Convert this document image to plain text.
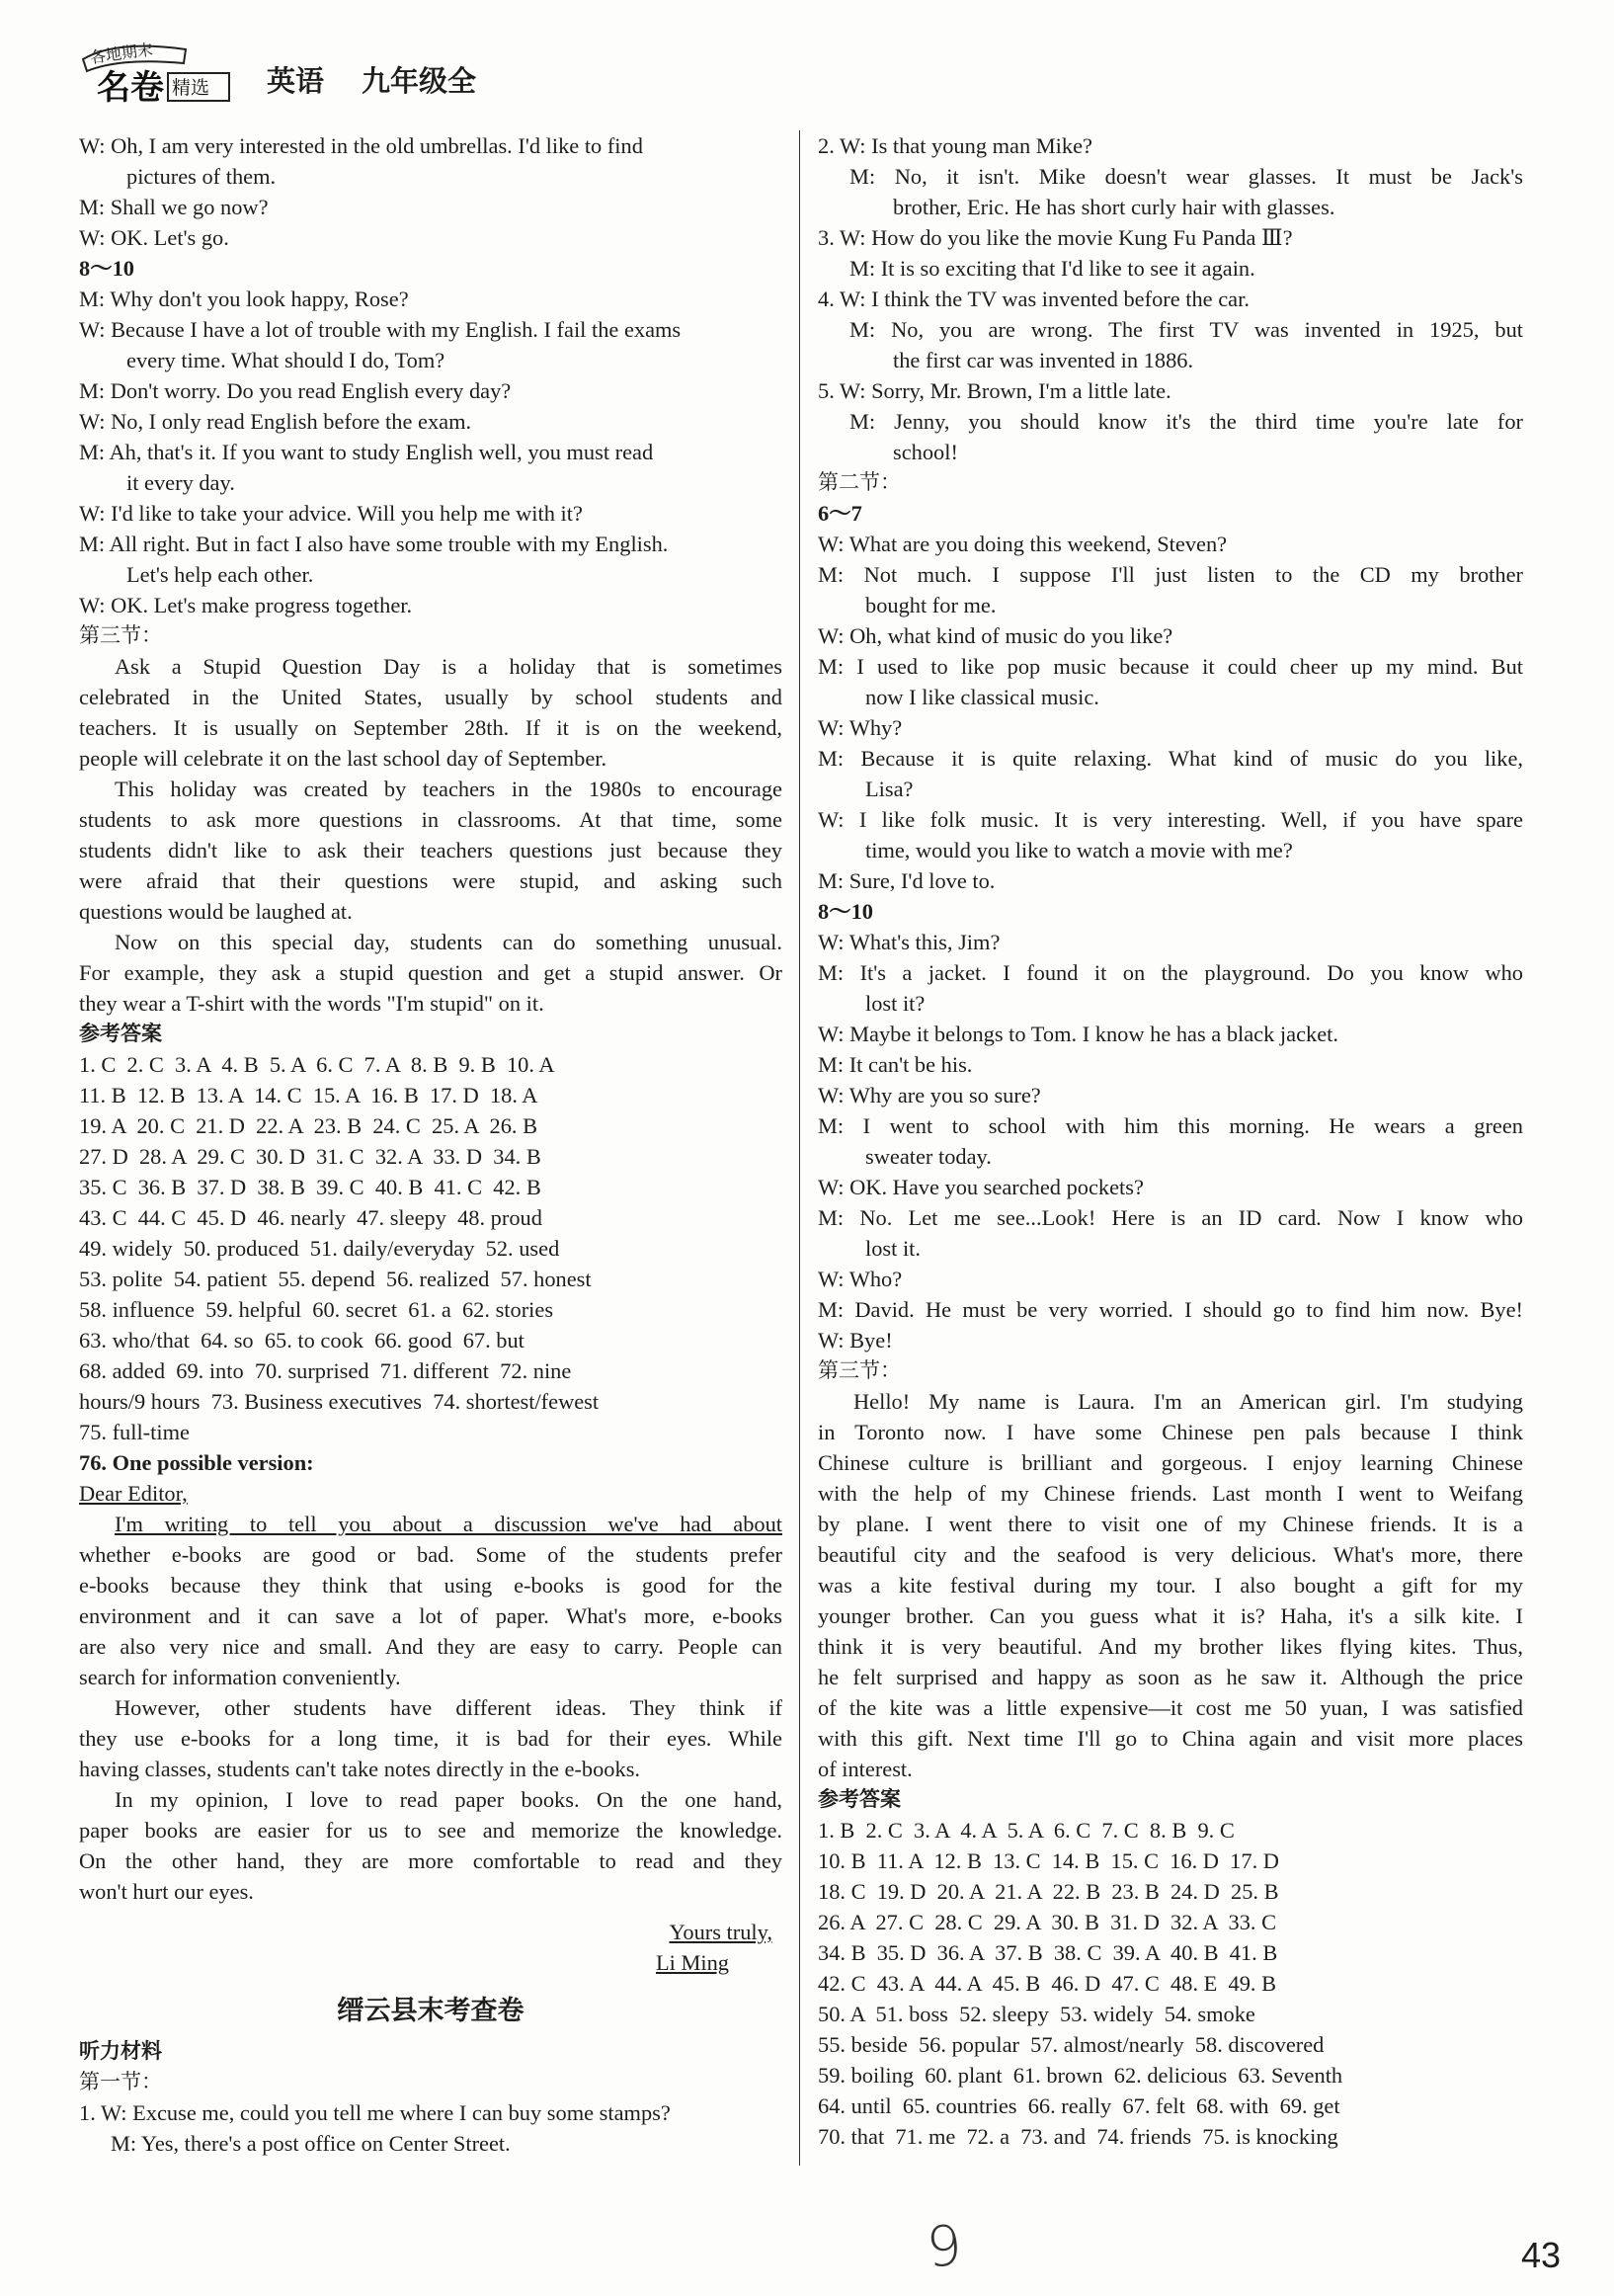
各地期末
名卷 精选 英语 九年级全
W: Oh, I am very interested in the old umbrellas. I'd like to find
pictures of them.
M: Shall we go now?
W: OK. Let's go.
8～10
M: Why don't you look happy, Rose?
W: Because I have a lot of trouble with my English. I fail the exams
every time. What should I do, Tom?
M: Don't worry. Do you read English every day?
W: No, I only read English before the exam.
M: Ah, that's it. If you want to study English well, you must read
it every day.
W: I'd like to take your advice. Will you help me with it?
M: All right. But in fact I also have some trouble with my English.
Let's help each other.
W: OK. Let's make progress together.
第三节：
Ask a Stupid Question Day is a holiday that is sometimes
celebrated in the United States, usually by school students and
teachers. It is usually on September 28th. If it is on the weekend,
people will celebrate it on the last school day of September.
This holiday was created by teachers in the 1980s to encourage
students to ask more questions in classrooms. At that time, some
students didn't like to ask their teachers questions just because they
were afraid that their questions were stupid, and asking such
questions would be laughed at.
Now on this special day, students can do something unusual.
For example, they ask a stupid question and get a stupid answer. Or
they wear a T-shirt with the words "I'm stupid" on it.
参考答案
1. C  2. C  3. A  4. B  5. A  6. C  7. A  8. B  9. B  10. A
11. B  12. B  13. A  14. C  15. A  16. B  17. D  18. A
19. A  20. C  21. D  22. A  23. B  24. C  25. A  26. B
27. D  28. A  29. C  30. D  31. C  32. A  33. D  34. B
35. C  36. B  37. D  38. B  39. C  40. B  41. C  42. B
43. C  44. C  45. D  46. nearly  47. sleepy  48. proud
49. widely  50. produced  51. daily/everyday  52. used
53. polite  54. patient  55. depend  56. realized  57. honest
58. influence  59. helpful  60. secret  61. a  62. stories
63. who/that  64. so  65. to cook  66. good  67. but
68. added  69. into  70. surprised  71. different  72. nine
hours/9 hours  73. Business executives  74. shortest/fewest
75. full-time
76. One possible version:
Dear Editor,
I'm writing to tell you about a discussion we've had about
whether e-books are good or bad. Some of the students prefer
e-books because they think that using e-books is good for the
environment and it can save a lot of paper. What's more, e-books
are also very nice and small. And they are easy to carry. People can
search for information conveniently.
However, other students have different ideas. They think if
they use e-books for a long time, it is bad for their eyes. While
having classes, students can't take notes directly in the e-books.
In my opinion, I love to read paper books. On the one hand,
paper books are easier for us to see and memorize the knowledge.
On the other hand, they are more comfortable to read and they
won't hurt our eyes.
Yours truly,
Li Ming
缙云县末考查卷
听力材料
第一节：
1. W: Excuse me, could you tell me where I can buy some stamps?
M: Yes, there's a post office on Center Street.
2. W: Is that young man Mike?
M: No, it isn't. Mike doesn't wear glasses. It must be Jack's
brother, Eric. He has short curly hair with glasses.
3. W: How do you like the movie Kung Fu Panda Ⅲ?
M: It is so exciting that I'd like to see it again.
4. W: I think the TV was invented before the car.
M: No, you are wrong. The first TV was invented in 1925, but
the first car was invented in 1886.
5. W: Sorry, Mr. Brown, I'm a little late.
M: Jenny, you should know it's the third time you're late for
school!
第二节：
6～7
W: What are you doing this weekend, Steven?
M: Not much. I suppose I'll just listen to the CD my brother
bought for me.
W: Oh, what kind of music do you like?
M: I used to like pop music because it could cheer up my mind. But
now I like classical music.
W: Why?
M: Because it is quite relaxing. What kind of music do you like,
Lisa?
W: I like folk music. It is very interesting. Well, if you have spare
time, would you like to watch a movie with me?
M: Sure, I'd love to.
8～10
W: What's this, Jim?
M: It's a jacket. I found it on the playground. Do you know who
lost it?
W: Maybe it belongs to Tom. I know he has a black jacket.
M: It can't be his.
W: Why are you so sure?
M: I went to school with him this morning. He wears a green
sweater today.
W: OK. Have you searched pockets?
M: No. Let me see...Look! Here is an ID card. Now I know who
lost it.
W: Who?
M: David. He must be very worried. I should go to find him now. Bye!
W: Bye!
第三节：
Hello! My name is Laura. I'm an American girl. I'm studying
in Toronto now. I have some Chinese pen pals because I think
Chinese culture is brilliant and gorgeous. I enjoy learning Chinese
with the help of my Chinese friends. Last month I went to Weifang
by plane. I went there to visit one of my Chinese friends. It is a
beautiful city and the seafood is very delicious. What's more, there
was a kite festival during my tour. I also bought a gift for my
younger brother. Can you guess what it is? Haha, it's a silk kite. I
think it is very beautiful. And my brother likes flying kites. Thus,
he felt surprised and happy as soon as he saw it. Although the price
of the kite was a little expensive—it cost me 50 yuan, I was satisfied
with this gift. Next time I'll go to China again and visit more places
of interest.
参考答案
1. B  2. C  3. A  4. A  5. A  6. C  7. C  8. B  9. C
10. B  11. A  12. B  13. C  14. B  15. C  16. D  17. D
18. C  19. D  20. A  21. A  22. B  23. B  24. D  25. B
26. A  27. C  28. C  29. A  30. B  31. D  32. A  33. C
34. B  35. D  36. A  37. B  38. C  39. A  40. B  41. B
42. C  43. A  44. A  45. B  46. D  47. C  48. E  49. B
50. A  51. boss  52. sleepy  53. widely  54. smoke
55. beside  56. popular  57. almost/nearly  58. discovered
59. boiling  60. plant  61. brown  62. delicious  63. Seventh
64. until  65. countries  66. really  67. felt  68. with  69. get
70. that  71. me  72. a  73. and  74. friends  75. is knocking
9	43
